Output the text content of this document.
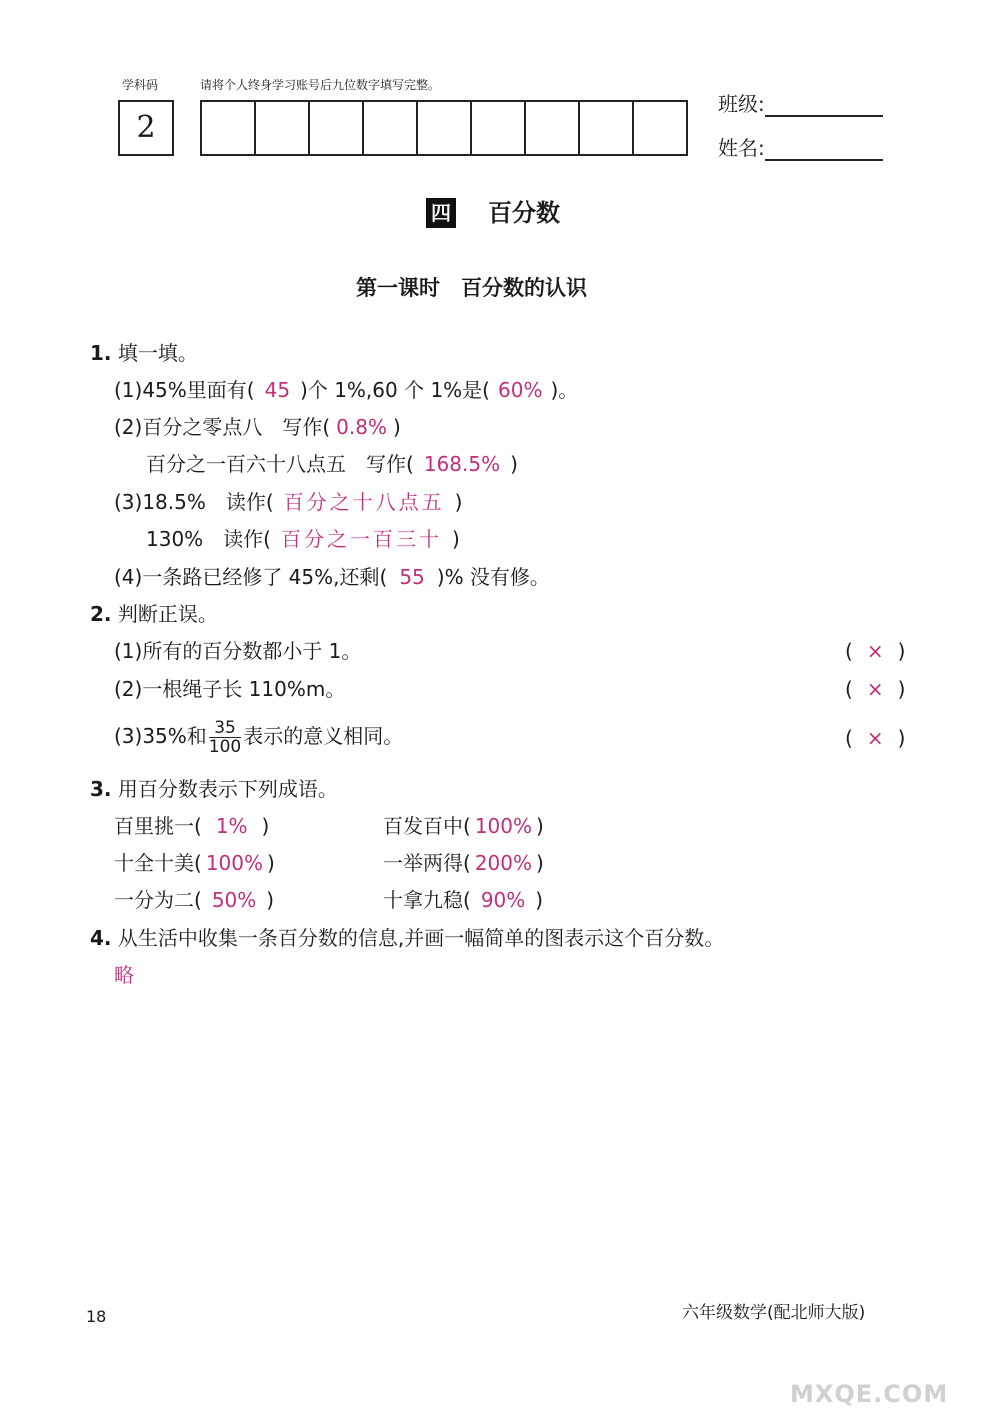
学科码
2
请将个人终身学习账号后九位数字填写完整。
班级:
姓名:
四 百分数
第一课时　百分数的认识
1. 填一填。
(1)45%里面有( 45 )个 1%,60 个 1%是( 60% )。
(2)百分之零点八　写作( 0.8% )
百分之一百六十八点五　写作( 168.5% )
(3)18.5%　读作( 百分之十八点五 )
130%　读作( 百分之一百三十 )
(4)一条路已经修了 45%,还剩( 55 )% 没有修。
2. 判断正误。
(1)所有的百分数都小于 1。	( × )
(2)一根绳子长 110%m。	( × )
(3)35%和 $\frac{35}{100}$ 表示的意义相同。	( × )
3. 用百分数表示下列成语。
百里挑一( 1% )	百发百中( 100% )
十全十美( 100% )	一举两得( 200% )
一分为二( 50% )	十拿九稳( 90% )
4. 从生活中收集一条百分数的信息,并画一幅简单的图表示这个百分数。
略
18	六年级数学(配北师大版)
MXQE.COM
